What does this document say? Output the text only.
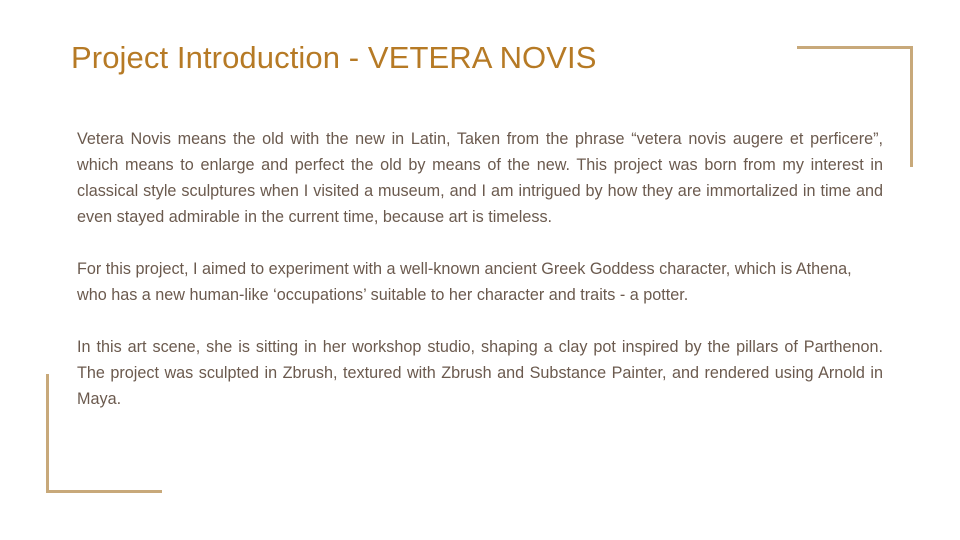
Project Introduction - VETERA NOVIS

Vetera Novis means the old with the new in Latin, Taken from the phrase “vetera novis augere et perficere”, which means to enlarge and perfect the old by means of the new. This project was born from my interest in classical style sculptures when I visited a museum, and I am intrigued by how they are immortalized in time and even stayed admirable in the current time, because art is timeless.

For this project, I aimed to experiment with a well-known ancient Greek Goddess character, which is Athena, who has a new human-like ‘occupations’ suitable to her character and traits - a potter.

In this art scene, she is sitting in her workshop studio, shaping a clay pot inspired by the pillars of Parthenon. The project was sculpted in Zbrush, textured with Zbrush and Substance Painter, and rendered using Arnold in Maya.
